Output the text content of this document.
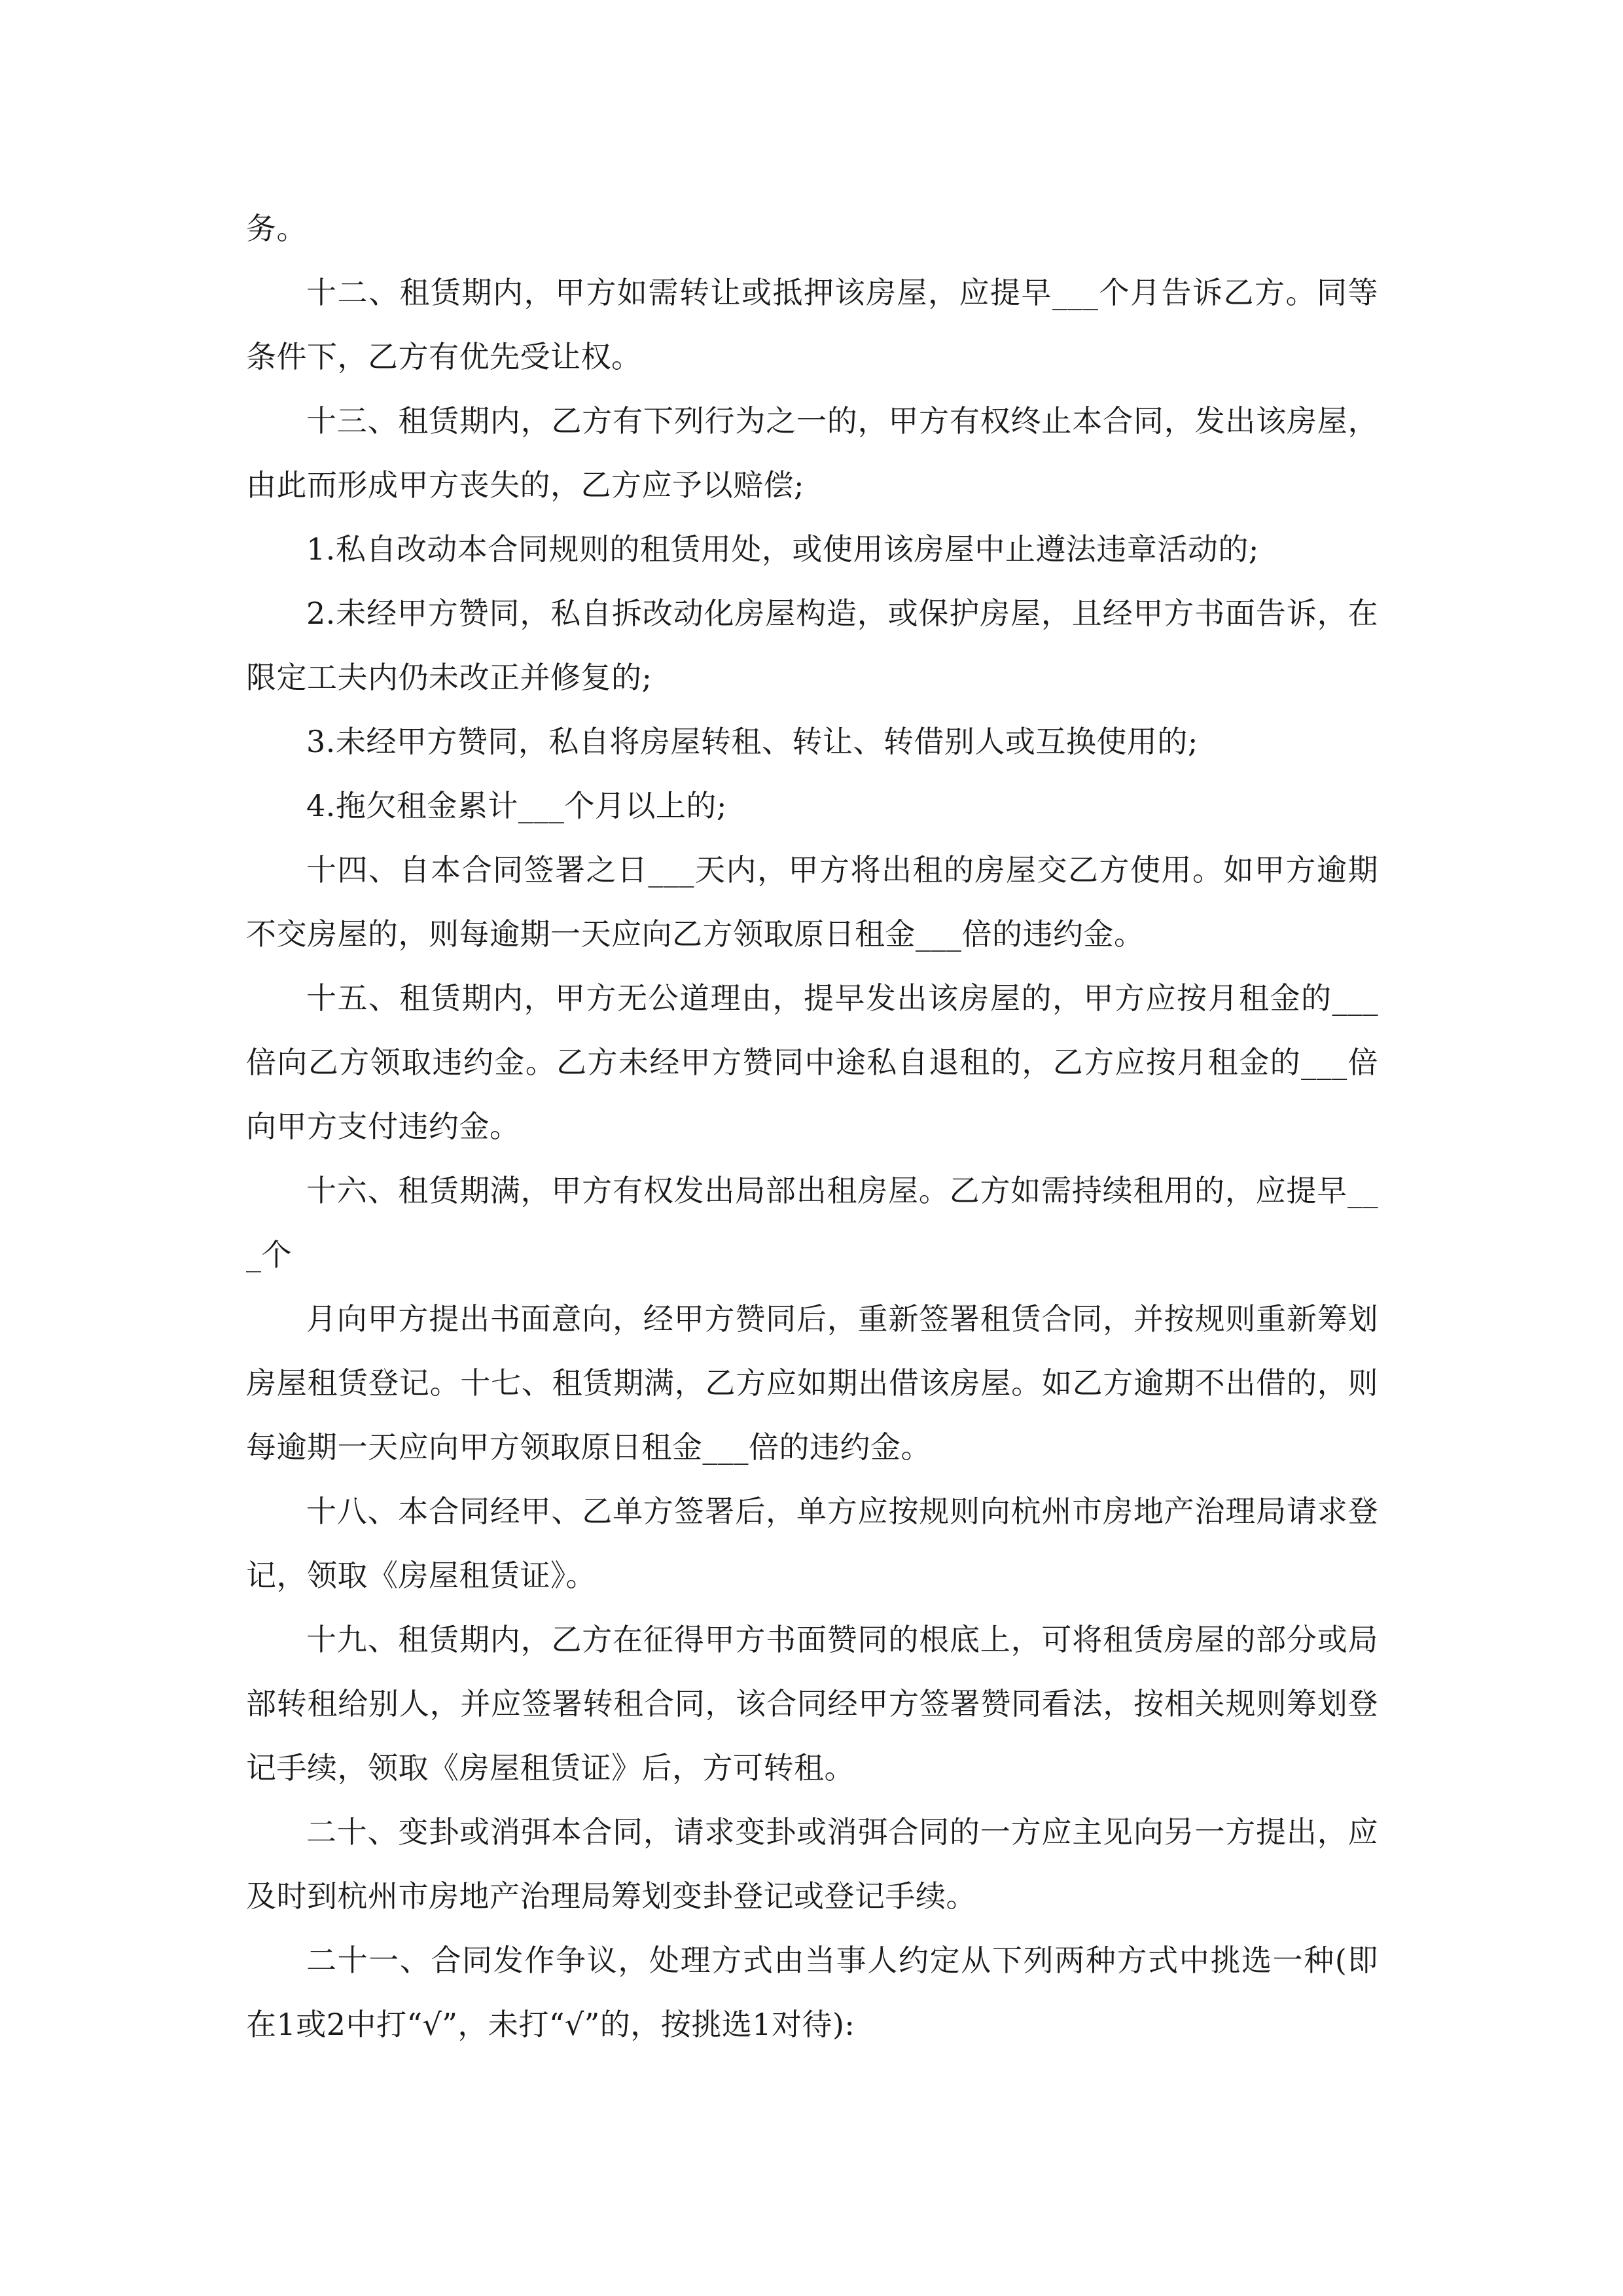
务。

十二、租赁期内，甲方如需转让或抵押该房屋，应提早___个月告诉乙方。同等条件下，乙方有优先受让权。

十三、租赁期内，乙方有下列行为之一的，甲方有权终止本合同，发出该房屋，由此而形成甲方丧失的，乙方应予以赔偿;

1.私自改动本合同规则的租赁用处，或使用该房屋中止遵法违章活动的;

2.未经甲方赞同，私自拆改动化房屋构造，或保护房屋，且经甲方书面告诉，在限定工夫内仍未改正并修复的;

3.未经甲方赞同，私自将房屋转租、转让、转借别人或互换使用的;

4.拖欠租金累计___个月以上的;

十四、自本合同签署之日___天内，甲方将出租的房屋交乙方使用。如甲方逾期不交房屋的，则每逾期一天应向乙方领取原日租金___倍的违约金。

十五、租赁期内，甲方无公道理由，提早发出该房屋的，甲方应按月租金的___倍向乙方领取违约金。乙方未经甲方赞同中途私自退租的，乙方应按月租金的___倍向甲方支付违约金。

十六、租赁期满，甲方有权发出局部出租房屋。乙方如需持续租用的，应提早___个

月向甲方提出书面意向，经甲方赞同后，重新签署租赁合同，并按规则重新筹划房屋租赁登记。十七、租赁期满，乙方应如期出借该房屋。如乙方逾期不出借的，则每逾期一天应向甲方领取原日租金___倍的违约金。

十八、本合同经甲、乙单方签署后，单方应按规则向杭州市房地产治理局请求登记，领取《房屋租赁证》。

十九、租赁期内，乙方在征得甲方书面赞同的根底上，可将租赁房屋的部分或局部转租给别人，并应签署转租合同，该合同经甲方签署赞同看法，按相关规则筹划登记手续，领取《房屋租赁证》后，方可转租。

二十、变卦或消弭本合同，请求变卦或消弭合同的一方应主见向另一方提出，应及时到杭州市房地产治理局筹划变卦登记或登记手续。

二十一、合同发作争议，处理方式由当事人约定从下列两种方式中挑选一种(即在1或2中打“√”，未打“√”的，按挑选1对待):
